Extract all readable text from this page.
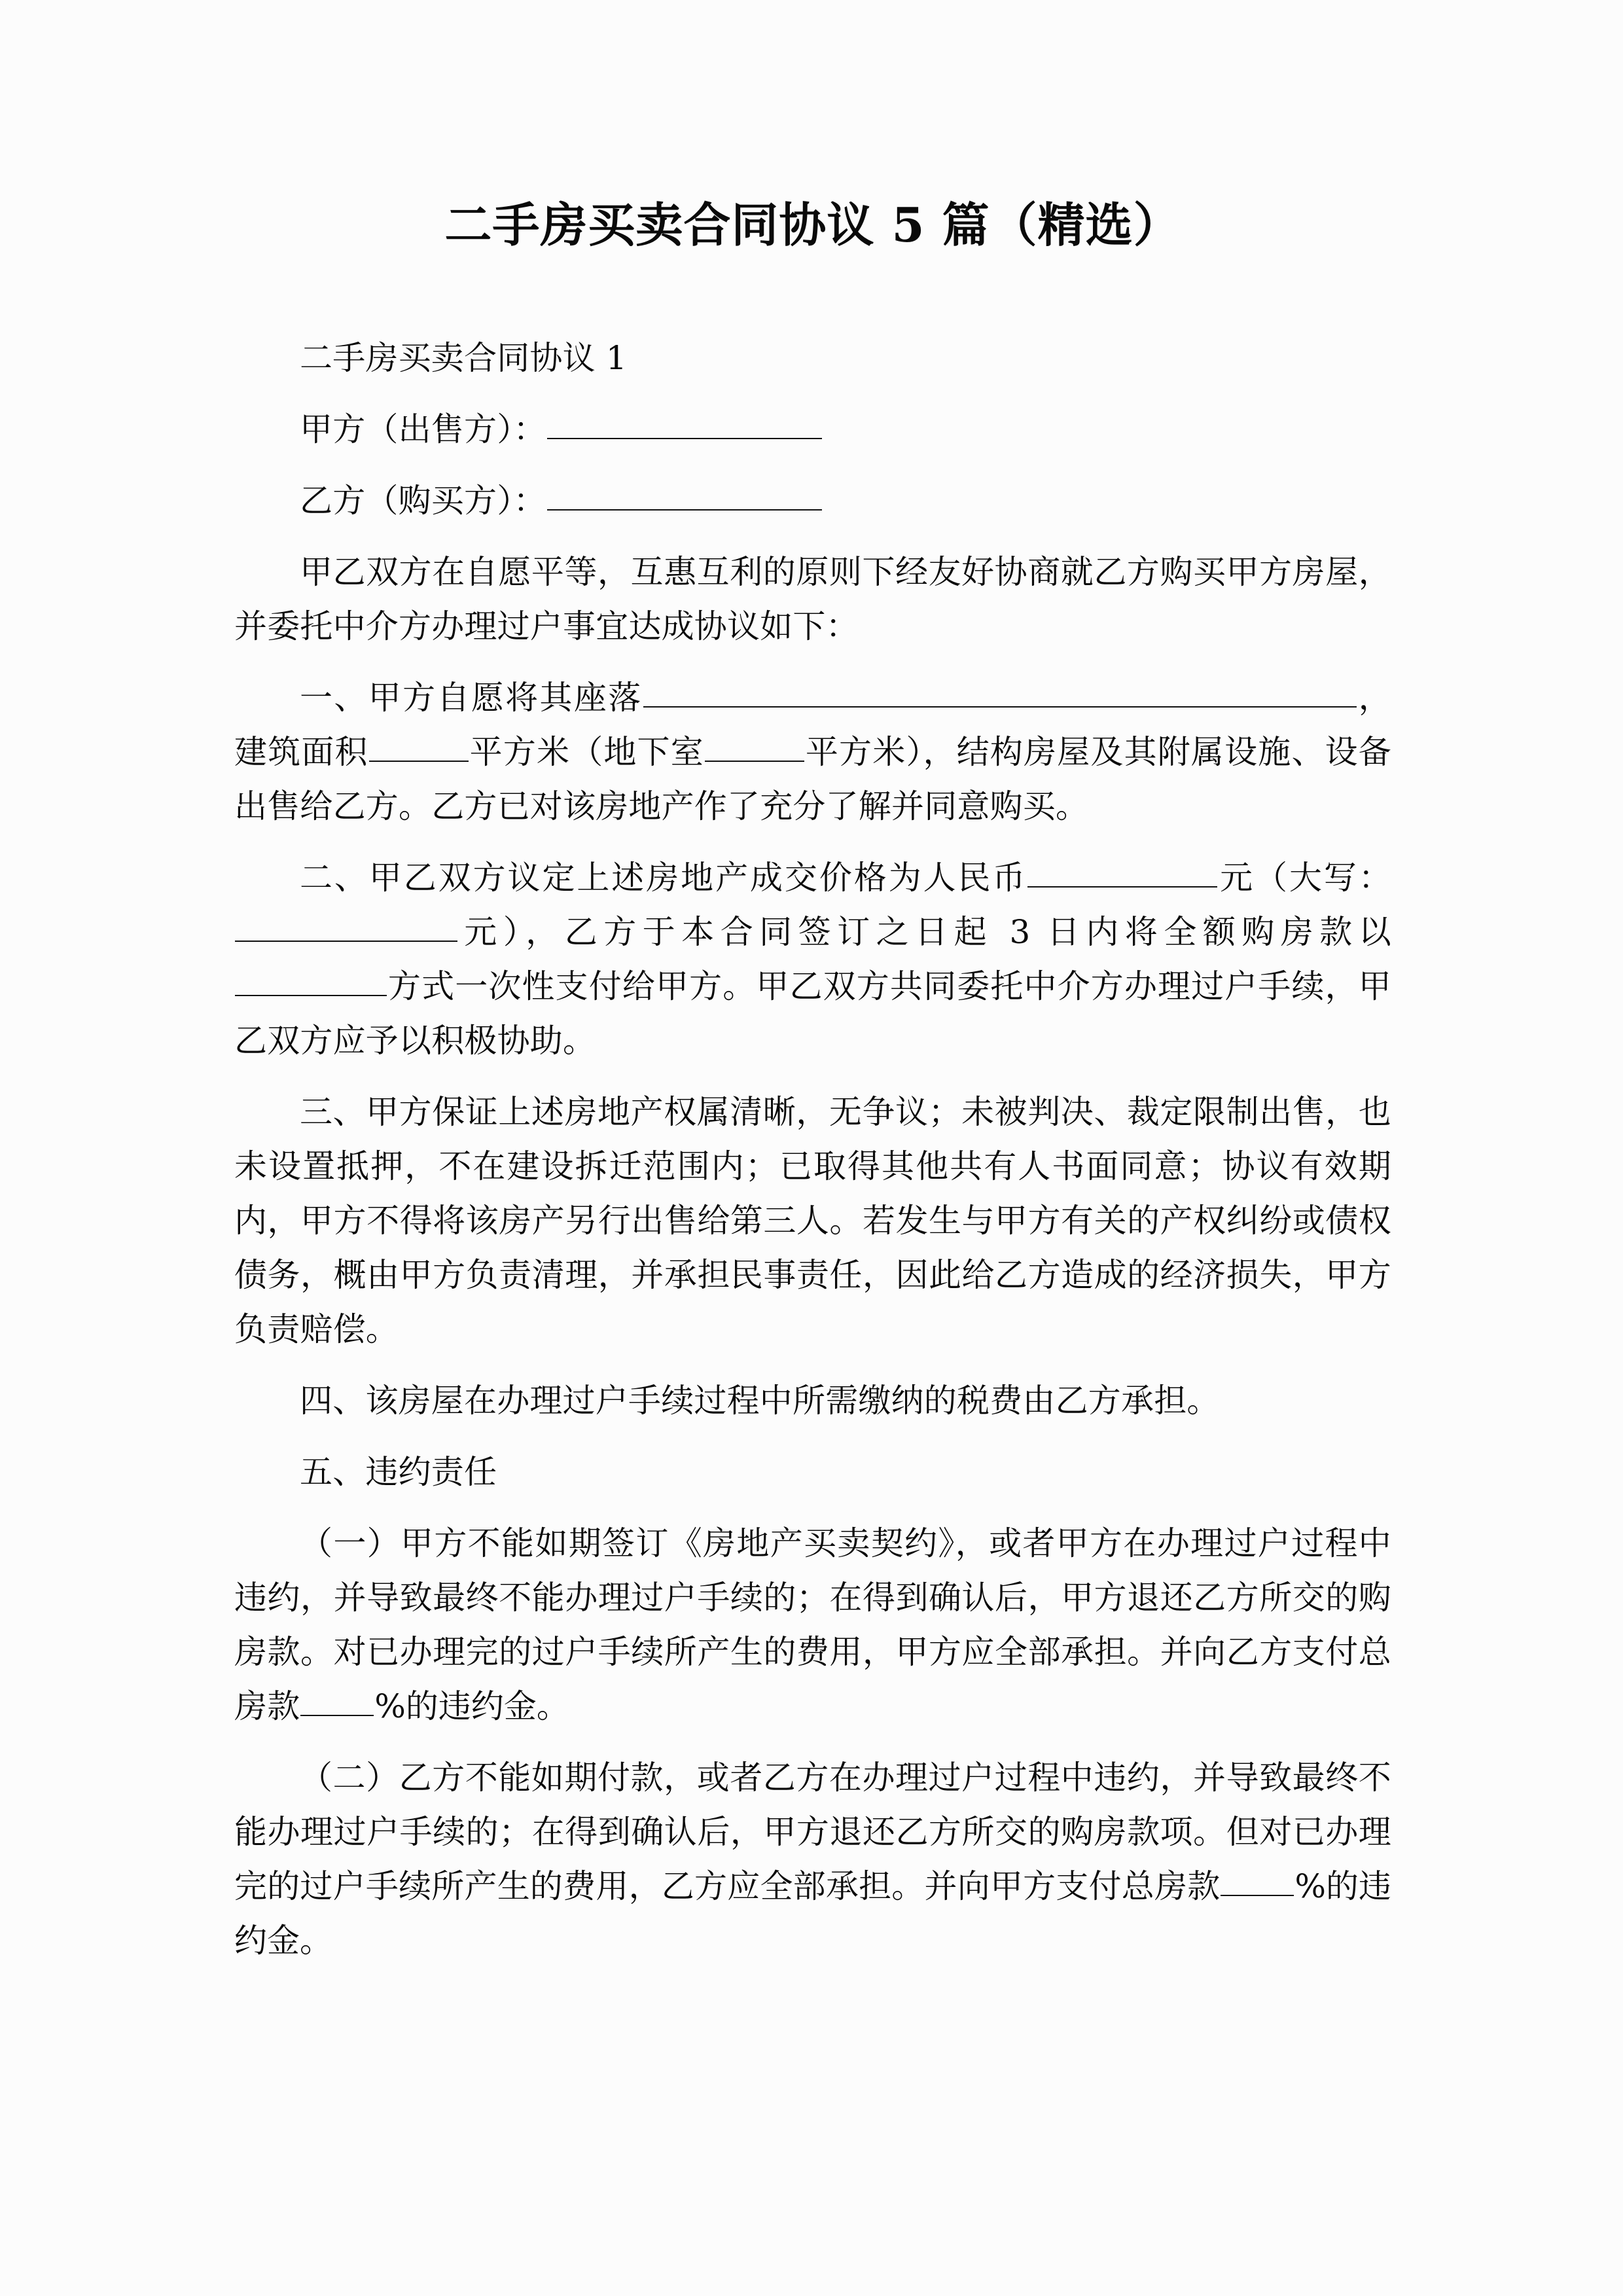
二手房买卖合同协议 5 篇（精选）

二手房买卖合同协议 1

甲方（出售方）：

乙方（购买方）：

甲乙双方在自愿平等，互惠互利的原则下经友好协商就乙方购买甲方房屋，并委托中介方办理过户事宜达成协议如下：

一、甲方自愿将其座落	，建筑面积	平方米（地下室	平方米），结构房屋及其附属设施、设备出售给乙方。乙方已对该房地产作了充分了解并同意购买。

二、甲乙双方议定上述房地产成交价格为人民币	元（大写：元），乙方于本合同签订之日起 3 日内将全额购房款以方式一次性支付给甲方。甲乙双方共同委托中介方办理过户手续，甲乙双方应予以积极协助。

三、甲方保证上述房地产权属清晰，无争议；未被判决、裁定限制出售，也未设置抵押，不在建设拆迁范围内；已取得其他共有人书面同意；协议有效期内，甲方不得将该房产另行出售给第三人。若发生与甲方有关的产权纠纷或债权债务，概由甲方负责清理，并承担民事责任，因此给乙方造成的经济损失，甲方负责赔偿。

四、该房屋在办理过户手续过程中所需缴纳的税费由乙方承担。

五、违约责任

（一）甲方不能如期签订《房地产买卖契约》，或者甲方在办理过户过程中违约，并导致最终不能办理过户手续的；在得到确认后，甲方退还乙方所交的购房款。对已办理完的过户手续所产生的费用，甲方应全部承担。并向乙方支付总房款 %的违约金。

（二）乙方不能如期付款，或者乙方在办理过户过程中违约，并导致最终不能办理过户手续的；在得到确认后，甲方退还乙方所交的购房款项。但对已办理完的过户手续所产生的费用，乙方应全部承担。并向甲方支付总房款 %的违约金。
